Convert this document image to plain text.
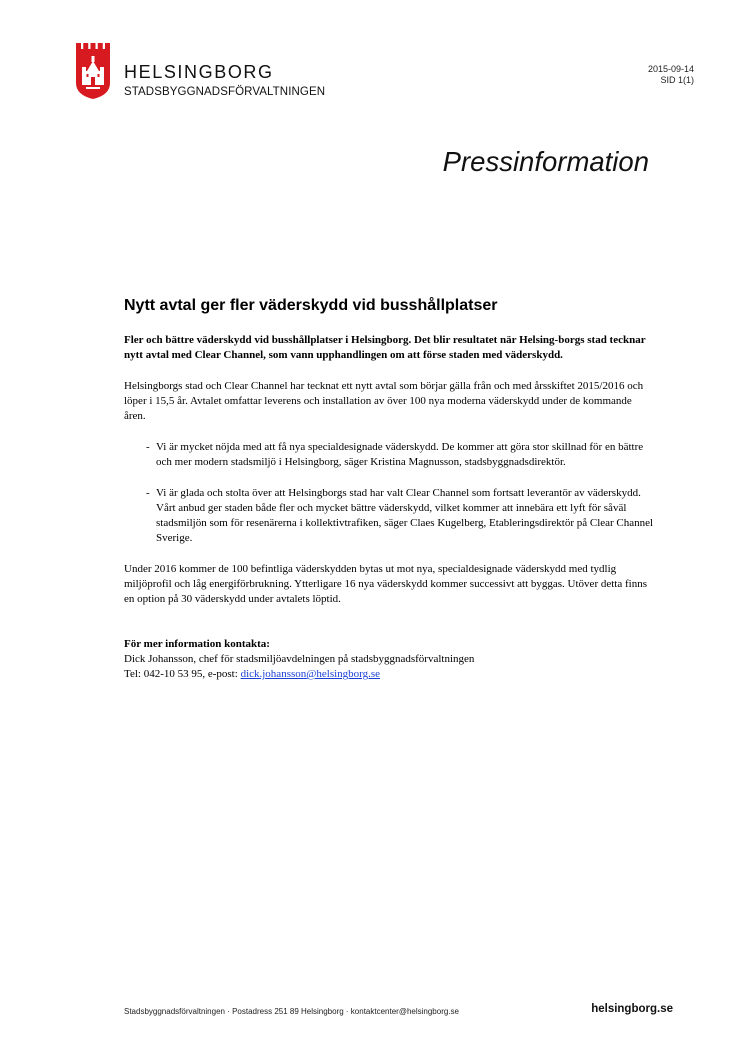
HELSINGBORG
STADSBYGGNADSFÖRVALTNINGEN
2015-09-14
SID 1(1)
Pressinformation
Nytt avtal ger fler väderskydd vid busshållplatser

Fler och bättre väderskydd vid busshållplatser i Helsingborg. Det blir resultatet när Helsing-borgs stad tecknar nytt avtal med Clear Channel, som vann upphandlingen om att förse staden med väderskydd.

Helsingborgs stad och Clear Channel har tecknat ett nytt avtal som börjar gälla från och med årsskiftet 2015/2016 och löper i 15,5 år. Avtalet omfattar leverens och installation av över 100 nya moderna väderskydd under de kommande åren.

- Vi är mycket nöjda med att få nya specialdesignade väderskydd. De kommer att göra stor skillnad för en bättre och mer modern stadsmiljö i Helsingborg, säger Kristina Magnusson, stadsbyggnadsdirektör.
- Vi är glada och stolta över att Helsingborgs stad har valt Clear Channel som fortsatt leverantör av väderskydd. Vårt anbud ger staden både fler och mycket bättre väderskydd, vilket kommer att innebära ett lyft för såväl stadsmiljön som för resenärerna i kollektivtrafiken, säger Claes Kugelberg, Etableringsdirektör på Clear Channel Sverige.

Under 2016 kommer de 100 befintliga väderskydden bytas ut mot nya, specialdesignade väderskydd med tydlig miljöprofil och låg energiförbrukning. Ytterligare 16 nya väderskydd kommer successivt att byggas. Utöver detta finns en option på 30 väderskydd under avtalets löptid.

För mer information kontakta:
Dick Johansson, chef för stadsmiljöavdelningen på stadsbyggnadsförvaltningen
Tel: 042-10 53 95, e-post: dick.johansson@helsingborg.se
Stadsbyggnadsförvaltningen · Postadress 251 89 Helsingborg · kontaktcenter@helsingborg.se	helsingborg.se
